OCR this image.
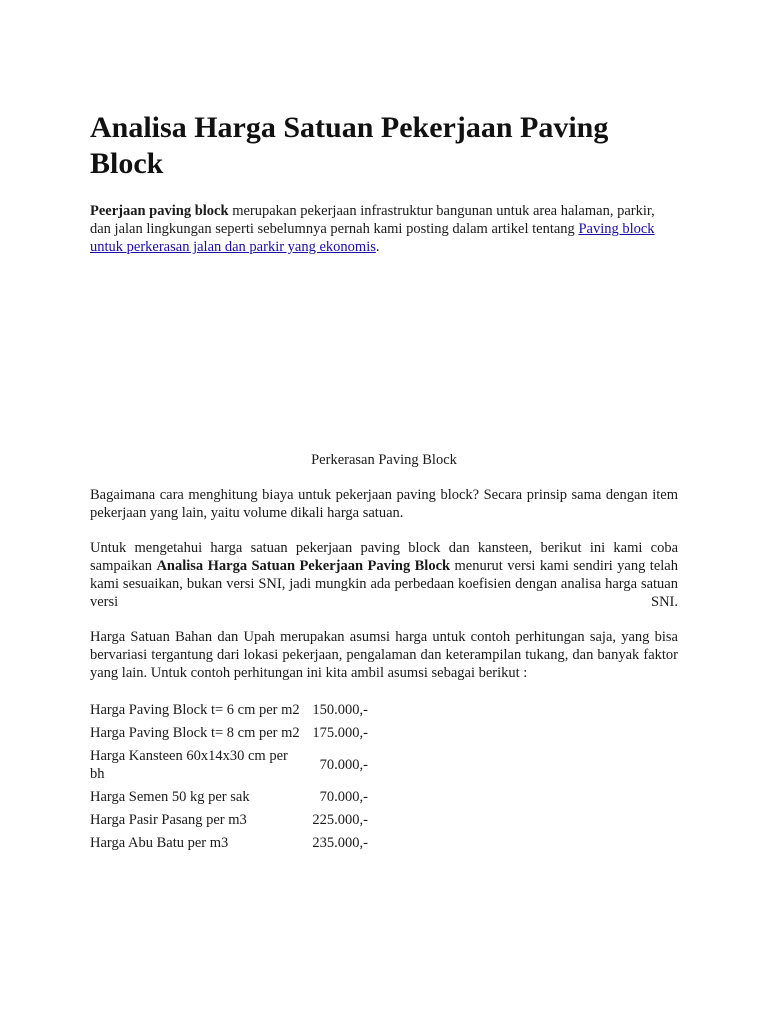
Analisa Harga Satuan Pekerjaan Paving Block

Peerjaan paving block merupakan pekerjaan infrastruktur bangunan untuk area halaman, parkir, dan jalan lingkungan seperti sebelumnya pernah kami posting dalam artikel tentang Paving block untuk perkerasan jalan dan parkir yang ekonomis.

Perkerasan Paving Block

Bagaimana cara menghitung biaya untuk pekerjaan paving block? Secara prinsip sama dengan item pekerjaan yang lain, yaitu volume dikali harga satuan.

Untuk mengetahui harga satuan pekerjaan paving block dan kansteen, berikut ini kami coba sampaikan Analisa Harga Satuan Pekerjaan Paving Block menurut versi kami sendiri yang telah kami sesuaikan, bukan versi SNI, jadi mungkin ada perbedaan koefisien dengan analisa harga satuan versi SNI.

Harga Satuan Bahan dan Upah merupakan asumsi harga untuk contoh perhitungan saja, yang bisa bervariasi tergantung dari lokasi pekerjaan, pengalaman dan keterampilan tukang, dan banyak faktor yang lain. Untuk contoh perhitungan ini kita ambil asumsi sebagai berikut :

Harga Paving Block t= 6 cm per m2	150.000,-
Harga Paving Block t= 8 cm per m2	175.000,-
Harga Kansteen 60x14x30 cm per bh	70.000,-
Harga Semen 50 kg per sak	70.000,-
Harga Pasir Pasang per m3	225.000,-
Harga Abu Batu per m3	235.000,-
